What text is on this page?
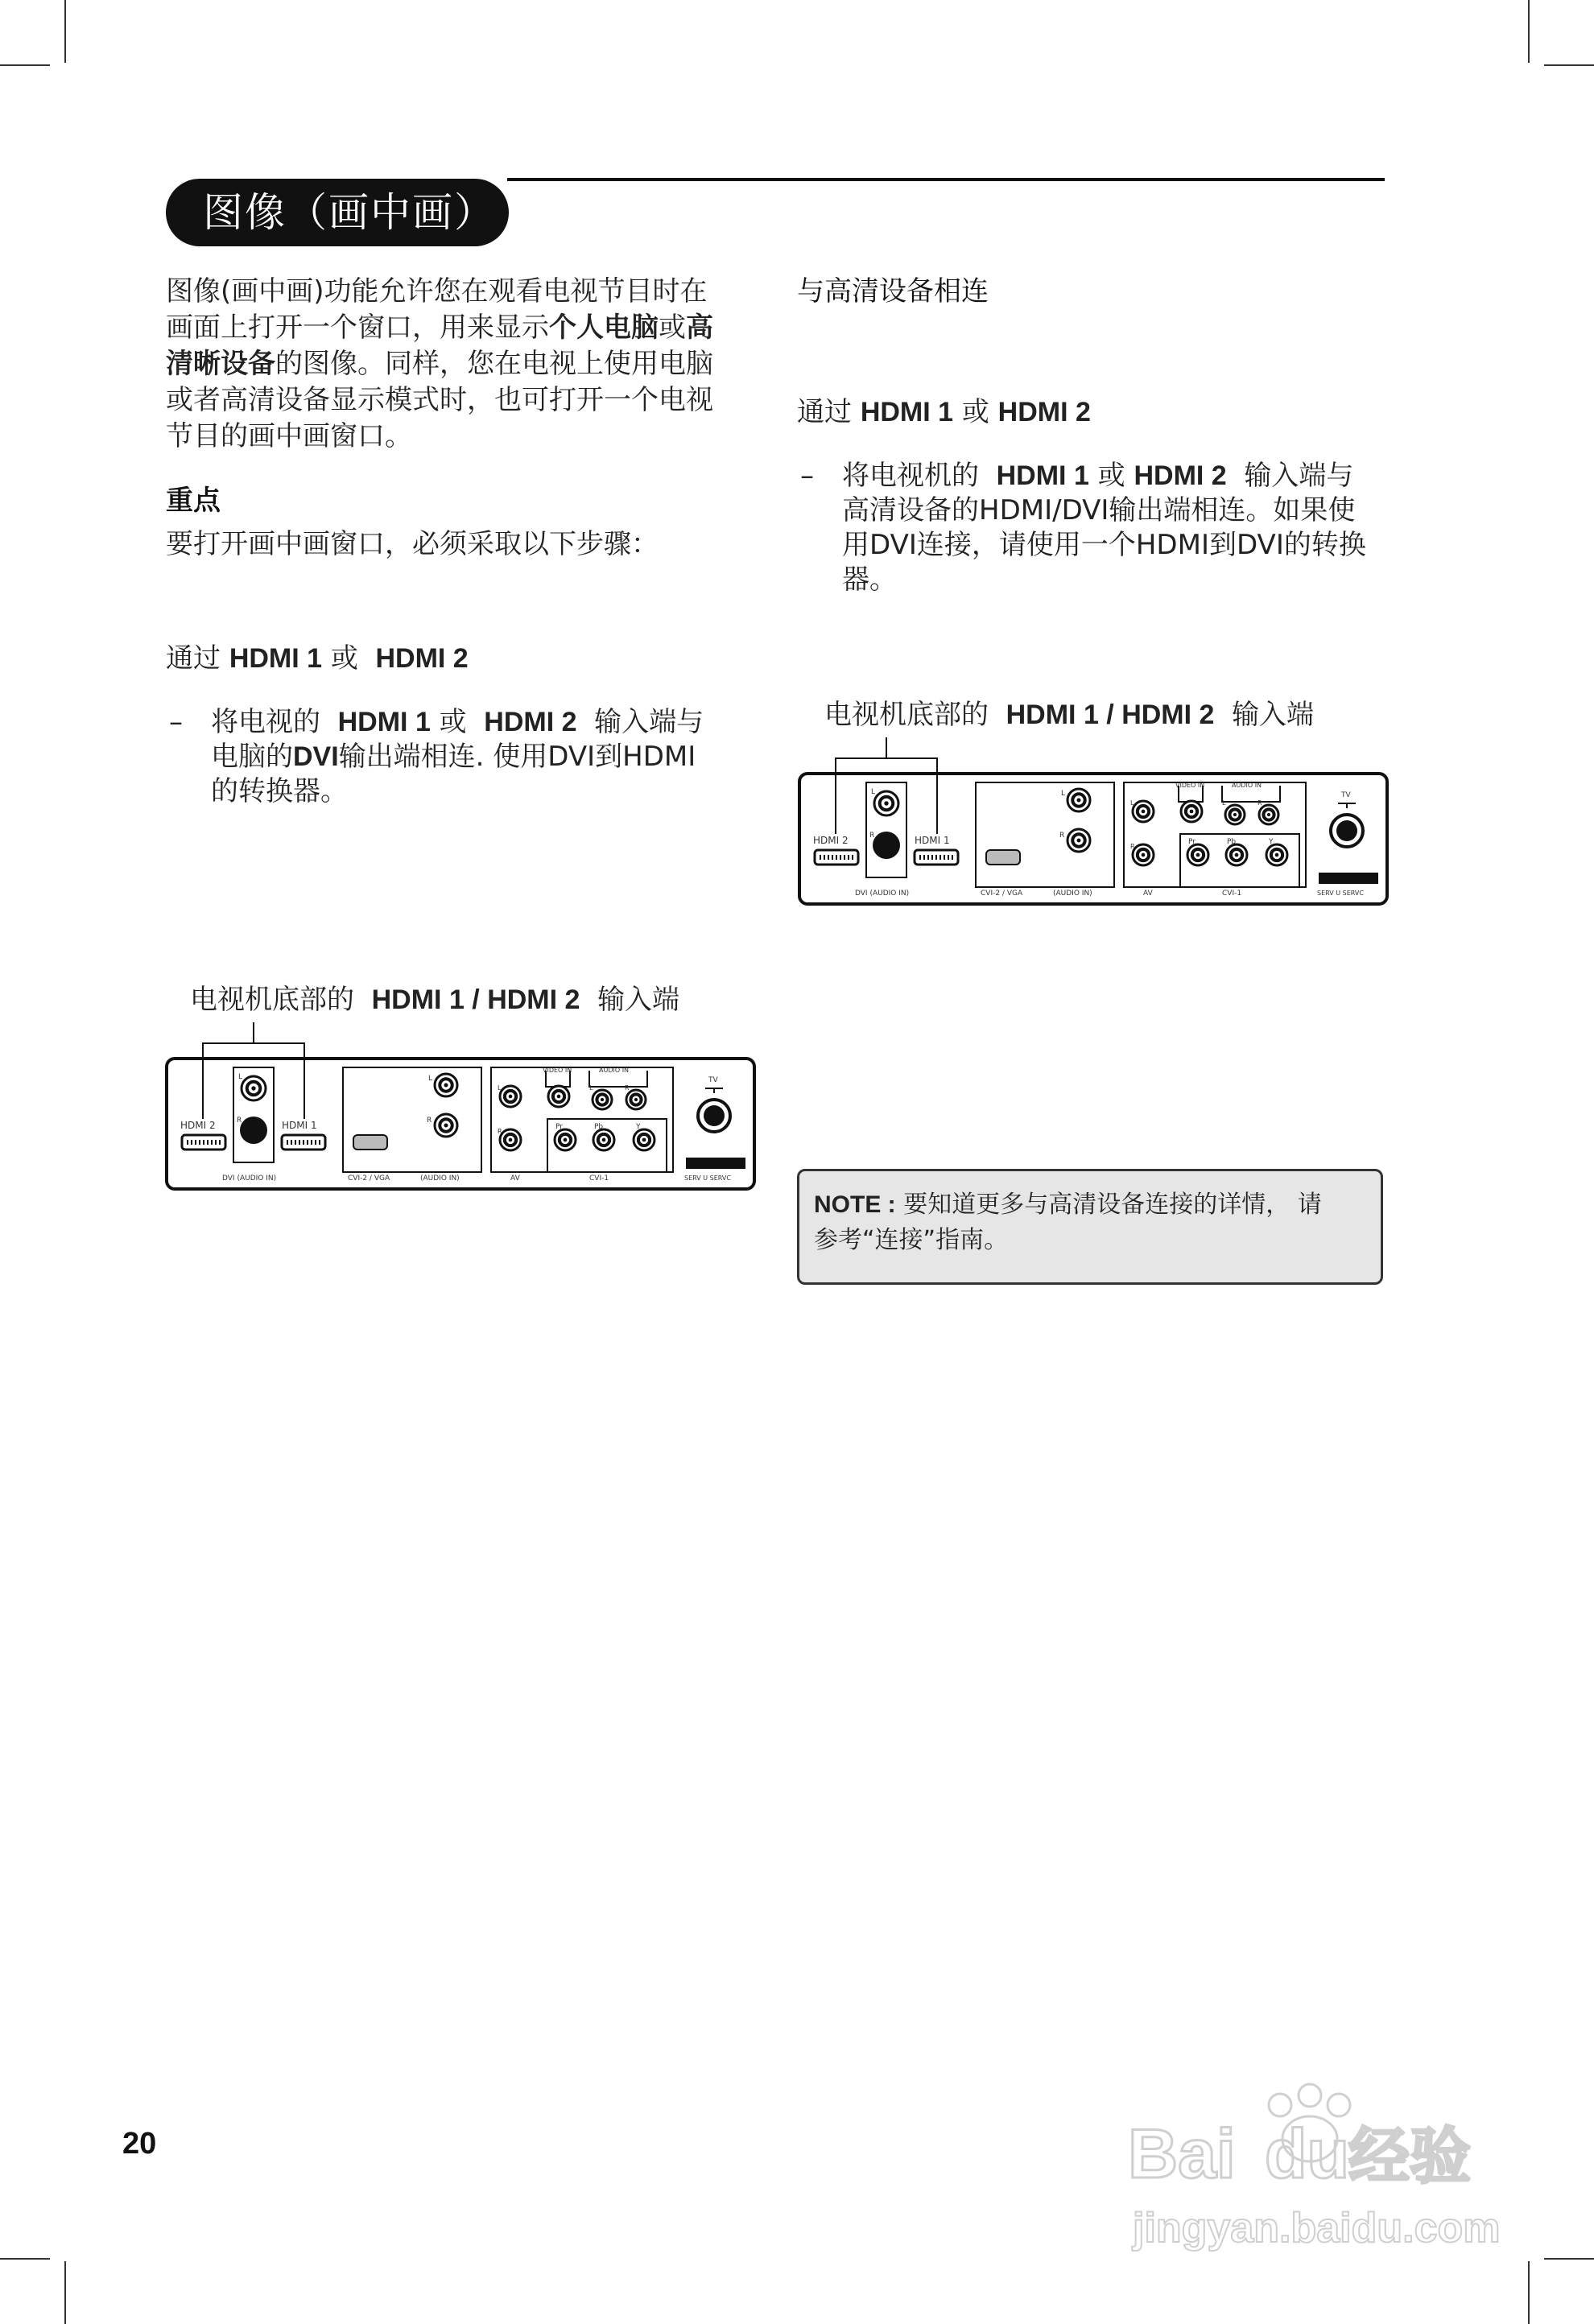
图像（画中画）
图像(画中画)功能允许您在观看电视节目时在
画面上打开一个窗口，用来显示个人电脑或高
清晰设备的图像。同样，您在电视上使用电脑
或者高清设备显示模式时，也可打开一个电视
节目的画中画窗口。
重点
要打开画中画窗口，必须采取以下步骤：
通过 HDMI 1 或 HDMI 2
– 将电视的 HDMI 1 或 HDMI 2 输入端与
电脑的DVI输出端相连. 使用DVI到HDMI
的转换器。
电视机底部的 HDMI 1 / HDMI 2 输入端
L
R
HDMI 2	HDMI 1
DVI (AUDIO IN)
L
R
CVI-2 / VGA	(AUDIO IN)
VIDEO IN	AUDIO IN
L
R
L	R
Pr	Pb	Y
AV	CVI-1
TV
SERV U SERVC
与高清设备相连
通过 HDMI 1 或 HDMI 2
– 将电视机的 HDMI 1 或 HDMI 2 输入端与
高清设备的HDMI/DVI输出端相连。如果使
用DVI连接，请使用一个HDMI到DVI的转换
器。
电视机底部的 HDMI 1 / HDMI 2 输入端
L
R
HDMI 2	HDMI 1
DVI (AUDIO IN)
L
R
CVI-2 / VGA	(AUDIO IN)
VIDEO IN	AUDIO IN
L
R
L	R
Pr	Pb	Y
AV	CVI-1
TV
SERV U SERVC
NOTE : 要知道更多与高清设备连接的详情， 请
参考“连接”指南。
20	Bai du
经验
jingyan.baidu.com
